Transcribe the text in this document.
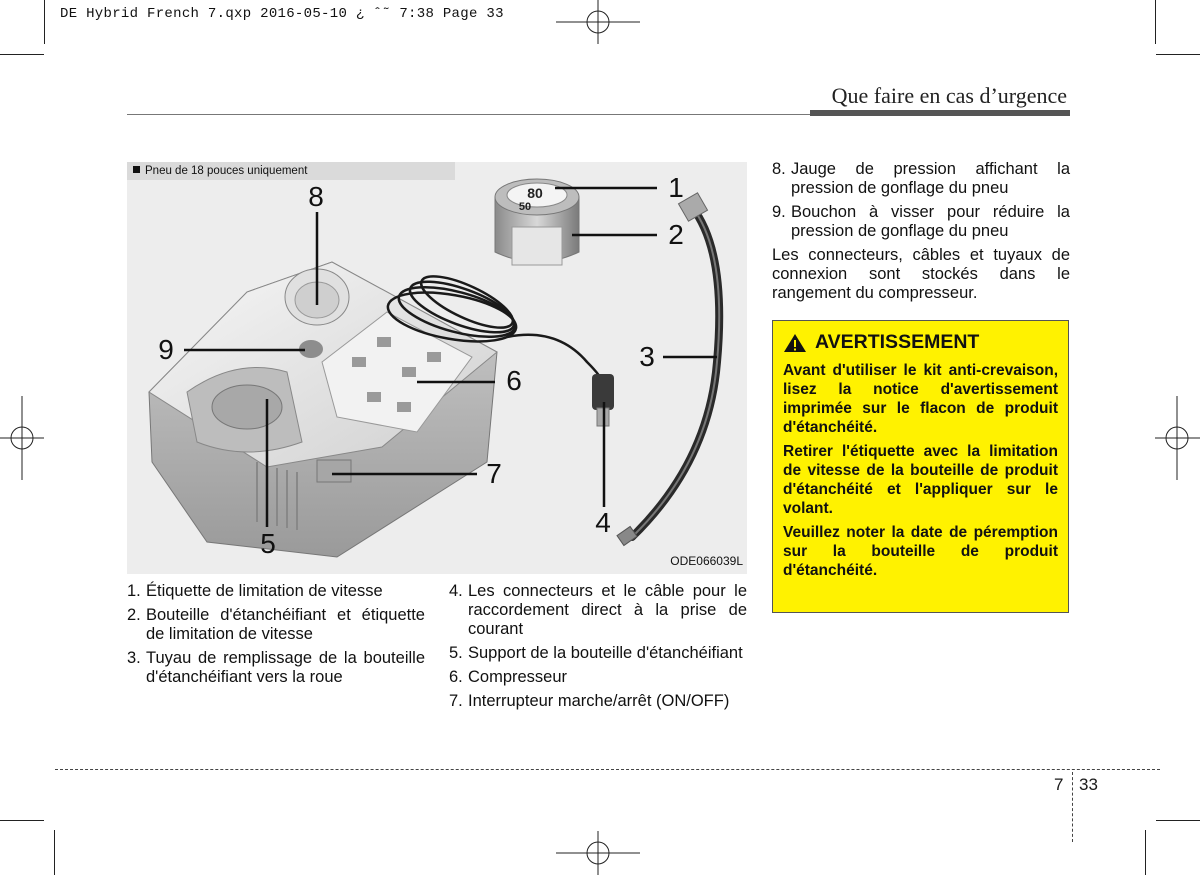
DE Hybrid French 7.qxp 2016-05-10 ¿ ˆ˜ 7:38 Page 33
Que faire en cas d’urgence
Pneu de 18 pouces uniquement
80
50
1
2
3
4
5
6
7
8
9
ODE066039L
1. Étiquette de limitation de vitesse
2. Bouteille d'étanchéifiant et étiquette de limitation de vitesse
3. Tuyau de remplissage de la bouteille d'étanchéifiant vers la roue
4. Les connecteurs et le câble pour le raccordement direct à la prise de courant
5. Support de la bouteille d'étanchéifiant
6. Compresseur
7. Interrupteur marche/arrêt (ON/OFF)
8. Jauge de pression affichant la pression de gonflage du pneu
9. Bouchon à visser pour réduire la pression de gonflage du pneu
Les connecteurs, câbles et tuyaux de connexion sont stockés dans le rangement du compresseur.
AVERTISSEMENT

Avant d'utiliser le kit anti-crevaison, lisez la notice d'avertissement imprimée sur le flacon de produit d'étanchéité.

Retirer l'étiquette avec la limitation de vitesse de la bouteille de produit d'étanchéité et l'appliquer sur le volant.

Veuillez noter la date de péremption sur la bouteille de produit d'étanchéité.

7 33
